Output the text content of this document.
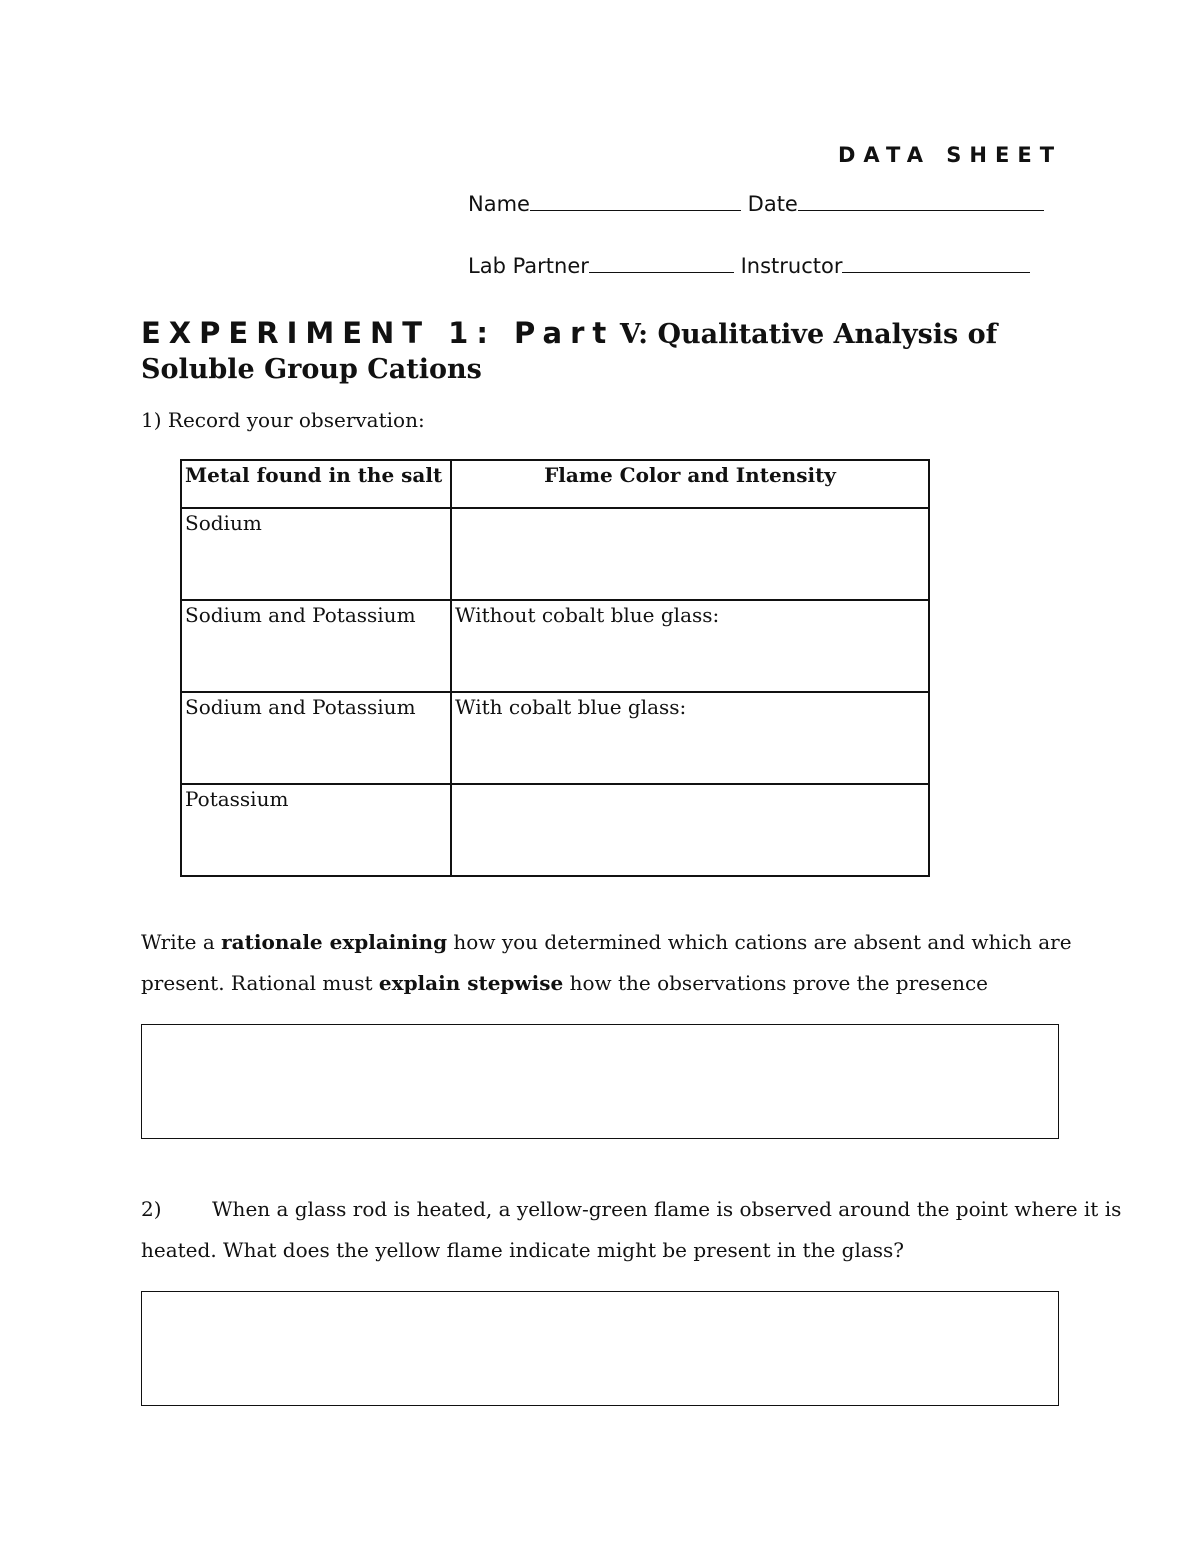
DATA SHEET
Name	Date
Lab Partner	Instructor
EXPERIMENT 1: Part V: Qualitative Analysis of
Soluble Group Cations
1) Record your observation:
Metal found in the salt	Flame Color and Intensity
Sodium	
Sodium and Potassium	Without cobalt blue glass:
Sodium and Potassium	With cobalt blue glass:
Potassium	
Write a rationale explaining how you determined which cations are absent and which are
present. Rational must explain stepwise how the observations prove the presence
2)	When a glass rod is heated, a yellow-green flame is observed around the point where it is
heated. What does the yellow flame indicate might be present in the glass?
